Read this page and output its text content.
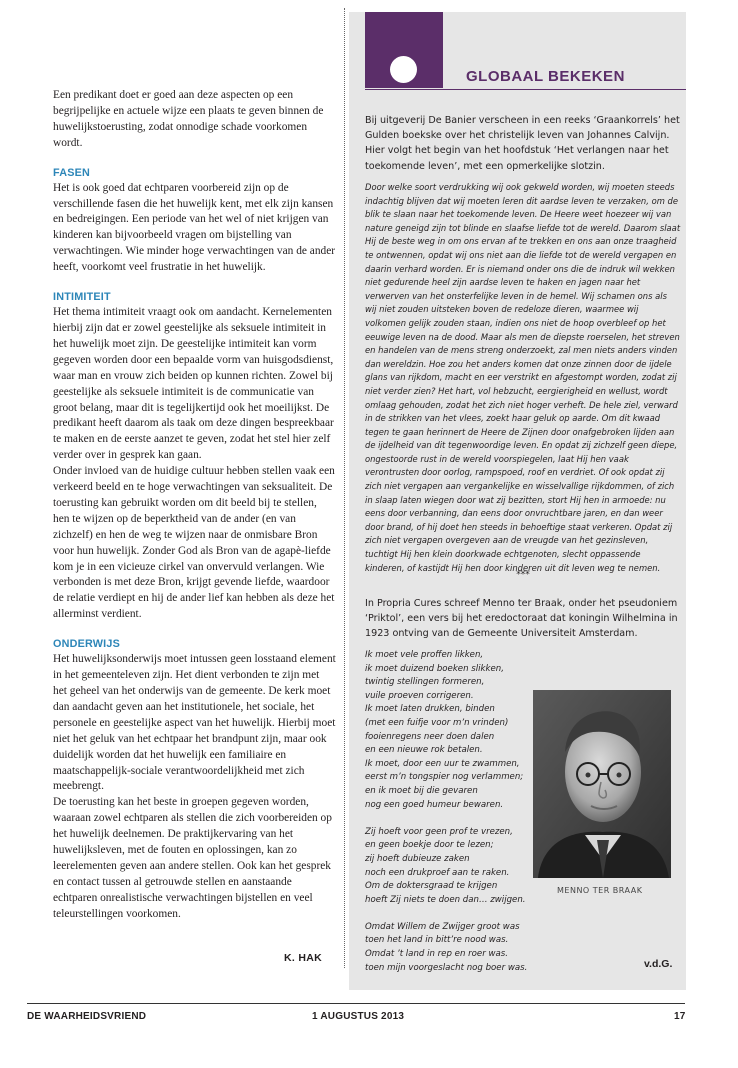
Een predikant doet er goed aan deze aspecten op een begrijpelijke en actuele wijze een plaats te geven binnen de huwelijkstoerusting, zodat onnodige schade voorkomen wordt.

FASEN

Het is ook goed dat echtparen voorbereid zijn op de verschillende fasen die het huwelijk kent, met elk zijn kansen en bedreigingen. Een periode van het wel of niet krijgen van kinderen kan bijvoorbeeld vragen om bijstelling van verwachtingen. Wie minder hoge verwachtingen van de ander heeft, voorkomt veel frustratie in het huwelijk.

INTIMITEIT

Het thema intimiteit vraagt ook om aandacht. Kernelementen hierbij zijn dat er zowel geestelijke als seksuele intimiteit in het huwelijk moet zijn. De geestelijke intimiteit kan vorm gegeven worden door een bepaalde vorm van huisgodsdienst, waar man en vrouw zich beiden op kunnen richten. Zowel bij geestelijke als seksuele intimiteit is de communicatie van groot belang, maar dit is tegelijkertijd ook het moeilijkst. De predikant heeft daarom als taak om deze dingen bespreekbaar te maken en de eerste aanzet te geven, zodat het stel hier zelf verder over in gesprek kan gaan.

Onder invloed van de huidige cultuur hebben stellen vaak een verkeerd beeld en te hoge verwachtingen van seksualiteit. De toerusting kan gebruikt worden om dit beeld bij te stellen, hen te wijzen op de beperktheid van de ander (en van zichzelf) en hen de weg te wijzen naar de onmisbare Bron voor hun huwelijk. Zonder God als Bron van de agapè-liefde kom je in een vicieuze cirkel van onvervuld verlangen. Wie verbonden is met deze Bron, krijgt gevende liefde, waardoor de relatie verdiept en hij de ander lief kan hebben als deze het allerminst verdient.

ONDERWIJS

Het huwelijksonderwijs moet intussen geen losstaand element in het gemeenteleven zijn. Het dient verbonden te zijn met het geheel van het onderwijs van de gemeente. De kerk moet dan aandacht geven aan het institutionele, het sociale, het personele en geestelijke aspect van het huwelijk. Hierbij moet niet het geluk van het echtpaar het brandpunt zijn, maar ook duidelijk worden dat het huwelijk een familiaire en maatschappelijk-sociale verantwoordelijkheid met zich meebrengt.

De toerusting kan het beste in groepen gegeven worden, waaraan zowel echtparen als stellen die zich voorbereiden op het huwelijk deelnemen. De praktijkervaring van het huwelijksleven, met de fouten en oplossingen, kan zo leerelementen geven aan andere stellen. Ook kan het gesprek en contact tussen al getrouwde stellen en aanstaande echtparen onrealistische verwachtingen bijstellen en veel teleurstellingen voorkomen.

K. HAK
GLOBAAL BEKEKEN
Bij uitgeverij De Banier verscheen in een reeks ‘Graankorrels’ het Gulden boekske over het christelijk leven van Johannes Calvijn. Hier volgt het begin van het hoofdstuk ‘Het verlangen naar het toekomende leven’, met een opmerkelijke slotzin.
Door welke soort verdrukking wij ook gekweld worden, wij moeten steeds indachtig blijven dat wij moeten leren dit aardse leven te verzaken, om de blik te slaan naar het toekomende leven. De Heere weet hoezeer wij van nature geneigd zijn tot blinde en slaafse liefde tot de wereld. Daarom slaat Hij de beste weg in om ons ervan af te trekken en ons aan onze traagheid te ontwennen, opdat wij ons niet aan die liefde tot de wereld vergapen en daarin verhard worden. Er is niemand onder ons die de indruk wil wekken niet gedurende heel zijn aardse leven te haken en jagen naar het verwerven van het onsterfelijke leven in de hemel. Wij schamen ons als wij niet zouden uitsteken boven de redeloze dieren, waarmee wij volkomen gelijk zouden staan, indien ons niet de hoop overbleef op het eeuwige leven na de dood. Maar als men de diepste roerselen, het streven en handelen van de mens streng onderzoekt, zal men niets anders vinden dan wereldzin. Hoe zou het anders komen dat onze zinnen door de ijdele glans van rijkdom, macht en eer verstrikt en afgestompt worden, zodat zij niet verder zien? Het hart, vol hebzucht, eergierigheid en wellust, wordt omlaag gehouden, zodat het zich niet hoger verheft. De hele ziel, verward in de strikken van het vlees, zoekt haar geluk op aarde. Om dit kwaad tegen te gaan herinnert de Heere de Zijnen door onafgebroken lijden aan de ijdelheid van dit tegenwoordige leven. En opdat zij zichzelf geen diepe, ongestoorde rust in de wereld voorspiegelen, laat Hij hen vaak verontrusten door oorlog, rampspoed, roof en verdriet. Of ook opdat zij zich niet vergapen aan vergankelijke en wisselvallige rijkdommen, of zich in slaap laten wiegen door wat zij bezitten, stort Hij hen in armoede: nu eens door verbanning, dan eens door onvruchtbare jaren, en dan weer door brand, of hij doet hen steeds in behoeftige staat verkeren. Opdat zij zich niet vergapen overgeven aan de vreugde van het gezinsleven, tuchtigt Hij hen klein doorkwade echtgenoten, slecht oppassende kinderen, of kastijdt Hij hen door kinderen uit dit leven weg te nemen.
***
In Propria Cures schreef Menno ter Braak, onder het pseudoniem ‘Priktol’, een vers bij het eredoctoraat dat koningin Wilhelmina in 1923 ontving van de Gemeente Universiteit Amsterdam.
Ik moet vele proffen likken,
ik moet duizend boeken slikken,
twintig stellingen formeren,
vuile proeven corrigeren.
Ik moet laten drukken, binden
(met een fuifje voor m’n vrinden)
fooienregens neer doen dalen
en een nieuwe rok betalen.
Ik moet, door een uur te zwammen,
eerst m’n tongspier nog verlammen;
en ik moet bij die gevaren
nog een goed humeur bewaren.
Zij hoeft voor geen prof te vrezen,
en geen boekje door te lezen;
zij hoeft dubieuze zaken
noch een drukproef aan te raken.
Om de doktersgraad te krijgen
hoeft Zij niets te doen dan… zwijgen.
Omdat Willem de Zwijger groot was
toen het land in bitt’re nood was.
Omdat ’t land in rep en roer was.
toen mijn voorgeslacht nog boer was.
MENNO TER BRAAK
v.d.G.
DE WAARHEIDSVRIEND	1 AUGUSTUS 2013	17
